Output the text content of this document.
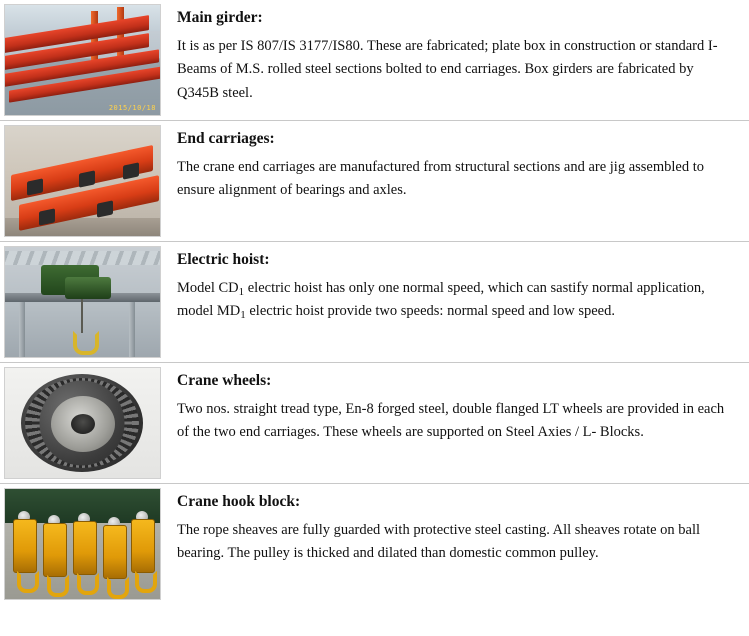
2015/10/18	Main girder:

It is as per IS 807/IS 3177/IS80. These are fabricated; plate box in construction or standard I-Beams of M.S. rolled steel sections bolted to end carriages. Box girders are fabricated by Q345B steel.

	End carriages:

The crane end carriages are manufactured from structural sections and are jig assembled to ensure alignment of bearings and axles.

	Electric hoist:

Model $CD_1$ electric hoist has only one normal speed, which can sastify normal application, model $MD_1$ electric hoist provide two speeds: normal speed and low speed.

	Crane wheels:

Two nos. straight tread type, En-8 forged steel, double flanged LT wheels are provided in each of the two end carriages. These wheels are supported on Steel Axies / L- Blocks.

	Crane hook block:

The rope sheaves are fully guarded with protective steel casting. All sheaves rotate on ball bearing. The pulley is thicked and dilated than domestic common pulley.
